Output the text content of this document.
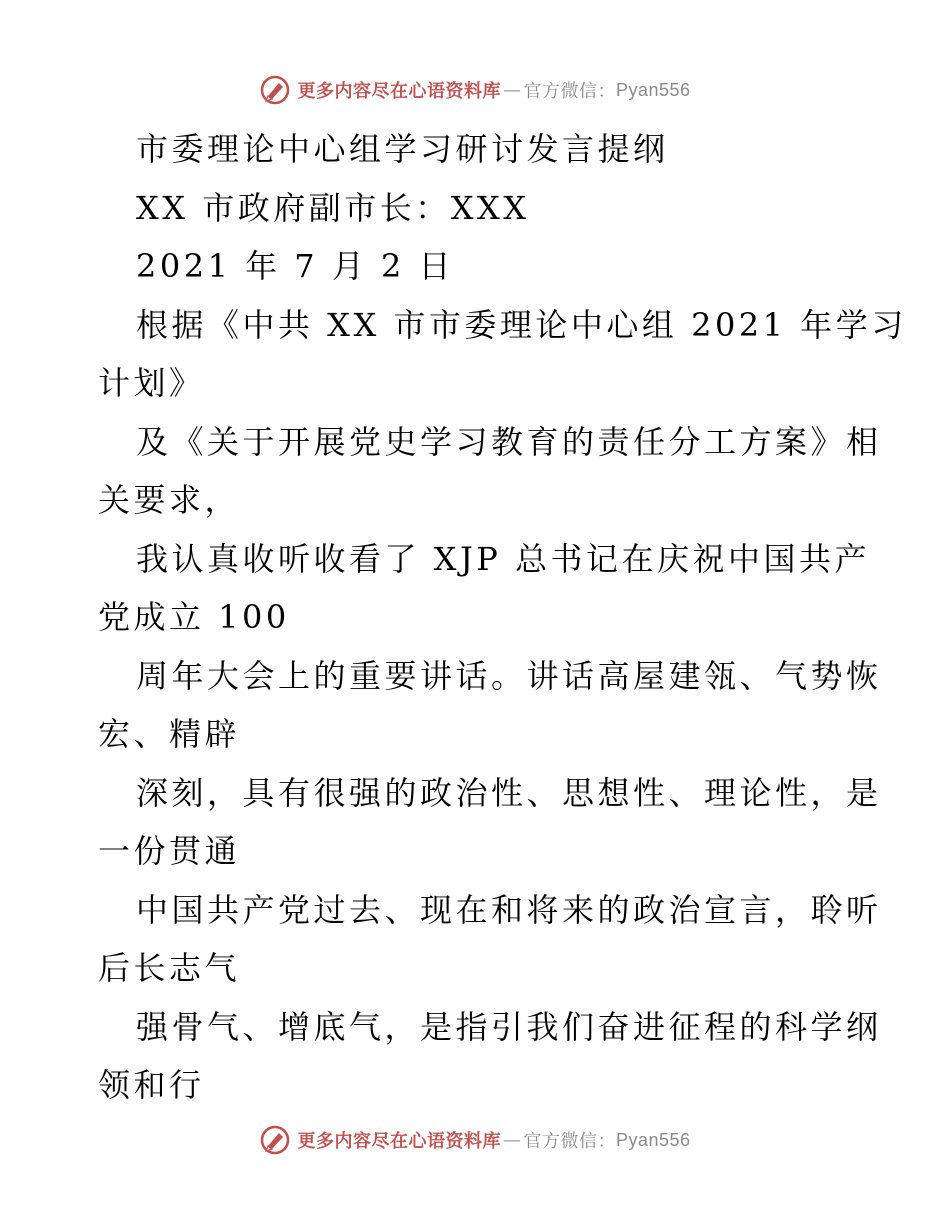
更多内容尽在心语资料库 — 官方微信： Pyan556
市委理论中心组学习研讨发言提纲
XX 市政府副市长：XXX
2021 年 7 月 2 日
根据《中共 XX 市市委理论中心组 2021 年学习
计划》
及《关于开展党史学习教育的责任分工方案》相
关要求，
我认真收听收看了 XJP 总书记在庆祝中国共产
党成立 100
周年大会上的重要讲话。讲话高屋建瓴、气势恢
宏、精辟
深刻，具有很强的政治性、思想性、理论性，是
一份贯通
中国共产党过去、现在和将来的政治宣言，聆听
后长志气
强骨气、增底气，是指引我们奋进征程的科学纲
领和行
更多内容尽在心语资料库 — 官方微信： Pyan556
